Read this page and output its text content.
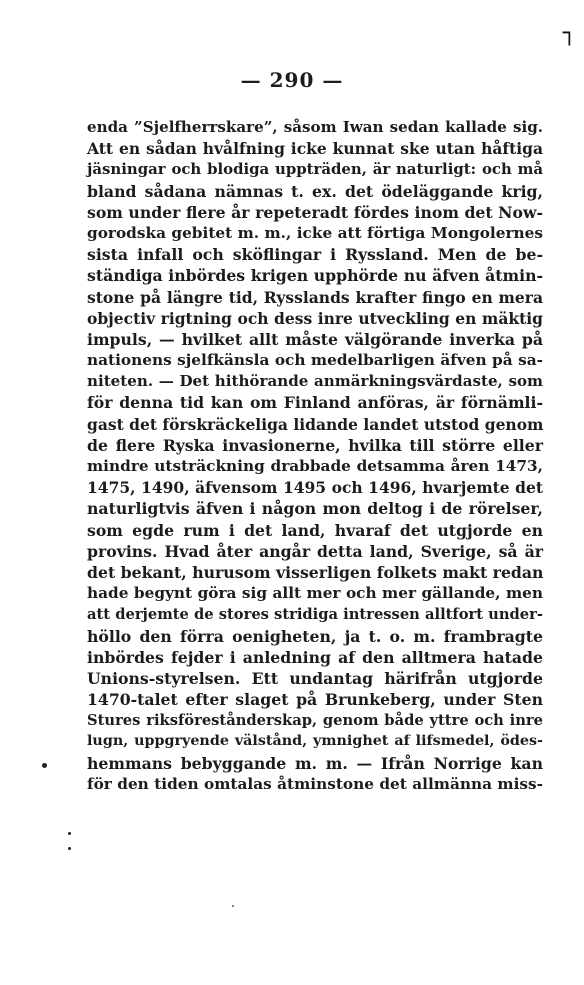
┐
— 290 —
enda ”Sjelfherrskare”, såsom Iwan sedan kallade sig.
Att en sådan hvålfning icke kunnat ske utan håftiga
jäsningar och blodiga uppträden, är naturligt: och må
bland sådana nämnas t. ex. det ödeläggande krig,
som under flere år repeteradt fördes inom det Now-
gorodska gebitet m. m., icke att förtiga Mongolernes
sista infall och sköflingar i Ryssland. Men de be-
ständiga inbördes krigen upphörde nu äfven åtmin-
stone på längre tid, Rysslands krafter fingo en mera
objectiv rigtning och dess inre utveckling en mäktig
impuls, — hvilket allt måste välgörande inverka på
nationens sjelfkänsla och medelbarligen äfven på sa-
niteten. — Det hithörande anmärkningsvärdaste, som
för denna tid kan om Finland anföras, är förnämli-
gast det förskräckeliga lidande landet utstod genom
de flere Ryska invasionerne, hvilka till större eller
mindre utsträckning drabbade detsamma åren 1473,
1475, 1490, äfvensom 1495 och 1496, hvarjemte det
naturligtvis äfven i någon mon deltog i de rörelser,
som egde rum i det land, hvaraf det utgjorde en
provins. Hvad åter angår detta land, Sverige, så är
det bekant, hurusom visserligen folkets makt redan
hade begynt göra sig allt mer och mer gällande, men
att derjemte de stores stridiga intressen alltfort under-
höllo den förra oenigheten, ja t. o. m. frambragte
inbördes fejder i anledning af den alltmera hatade
Unions-styrelsen. Ett undantag härifrån utgjorde
1470-talet efter slaget på Brunkeberg, under Sten
Stures riksförestånderskap, genom både yttre och inre
lugn, uppgryende välstånd, ymnighet af lifsmedel, ödes-
hemmans bebyggande m. m. — Ifrån Norrige kan
för den tiden omtalas åtminstone det allmänna miss-
